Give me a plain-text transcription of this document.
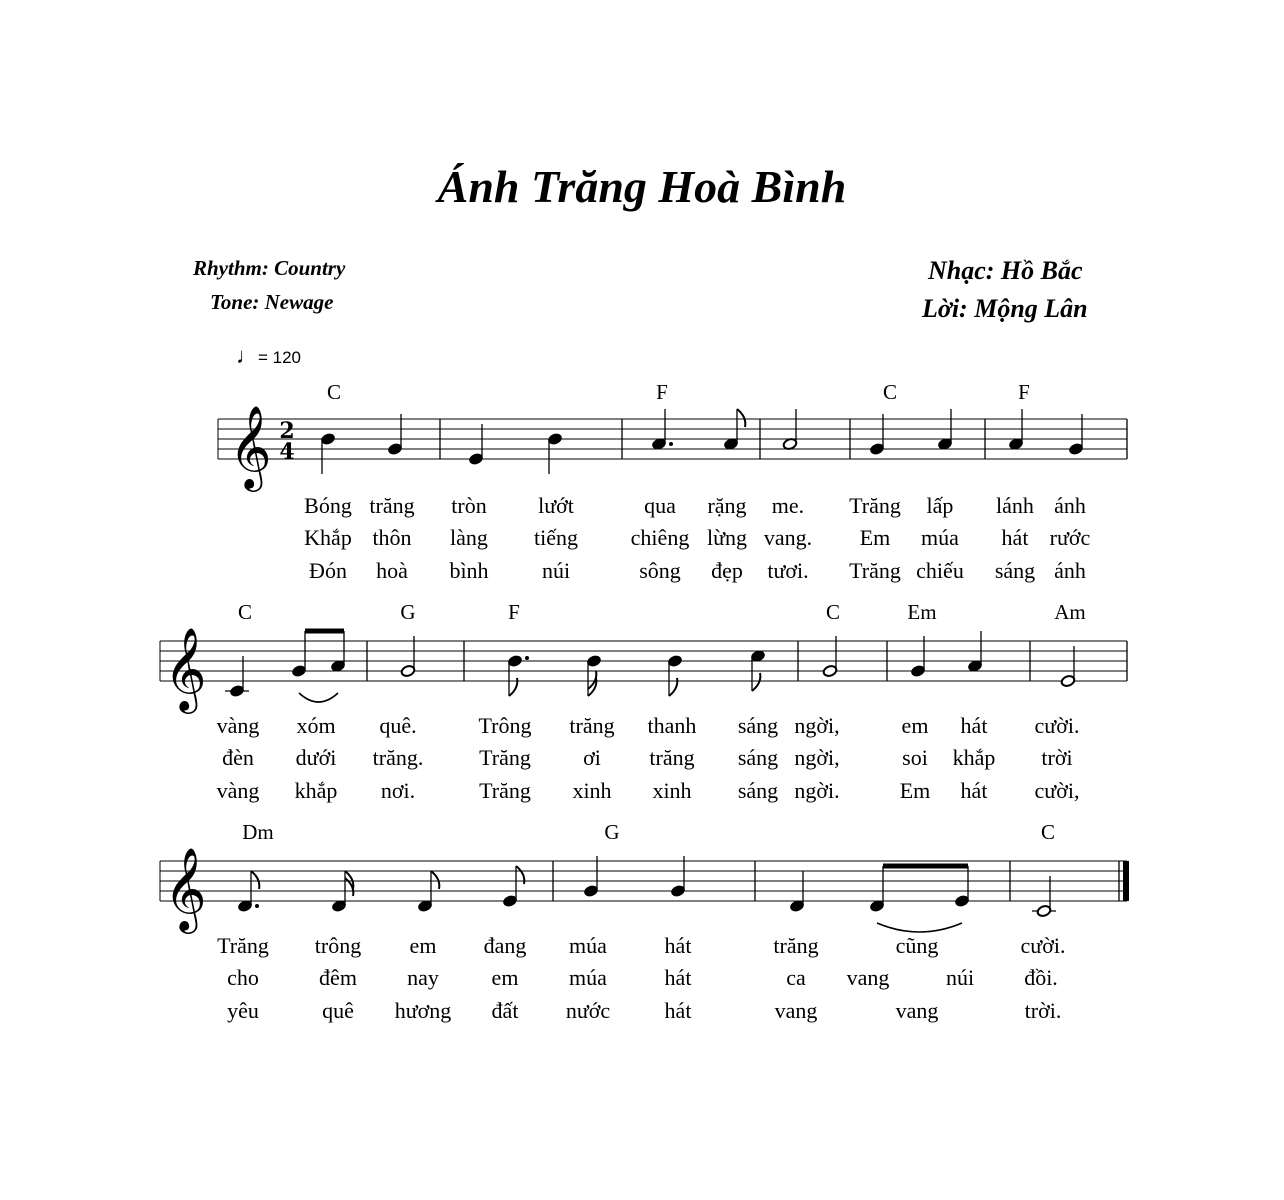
Ánh Trăng Hoà Bình
Rhythm: Country
Tone: Newage
Nhạc: Hồ Bắc
Lời: Mộng Lân
♩= 120
𝄞 2
4
𝄞
𝄞
C	F	C	F
Bóng trăng tròn lướt	qua rặng me. Trăng lấp lánh ánh
Khắp thôn làng tiếng chiêng lừng vang. Em múa hát rước
Đón hoà bình núi	sông đẹp tươi. Trăng chiếu sáng ánh
C	G	F	C	Em	Am
vàng xóm quê.	Trông trăng thanh sáng ngời,	em hát cười.
đèn dưới trăng.	Trăng ơi trăng sáng ngời,	soi khắp trời
vàng khắp nơi.	Trăng xinh xinh sáng ngời.	Em hát cười,
Dm	G	C
Trăng trông em đang múa	hát	trăng	cũng	cười.
cho	đêm nay em múa	hát	ca vang	núi đồi.
yêu	quê hương đất nước hát	vang	vang	trời.
